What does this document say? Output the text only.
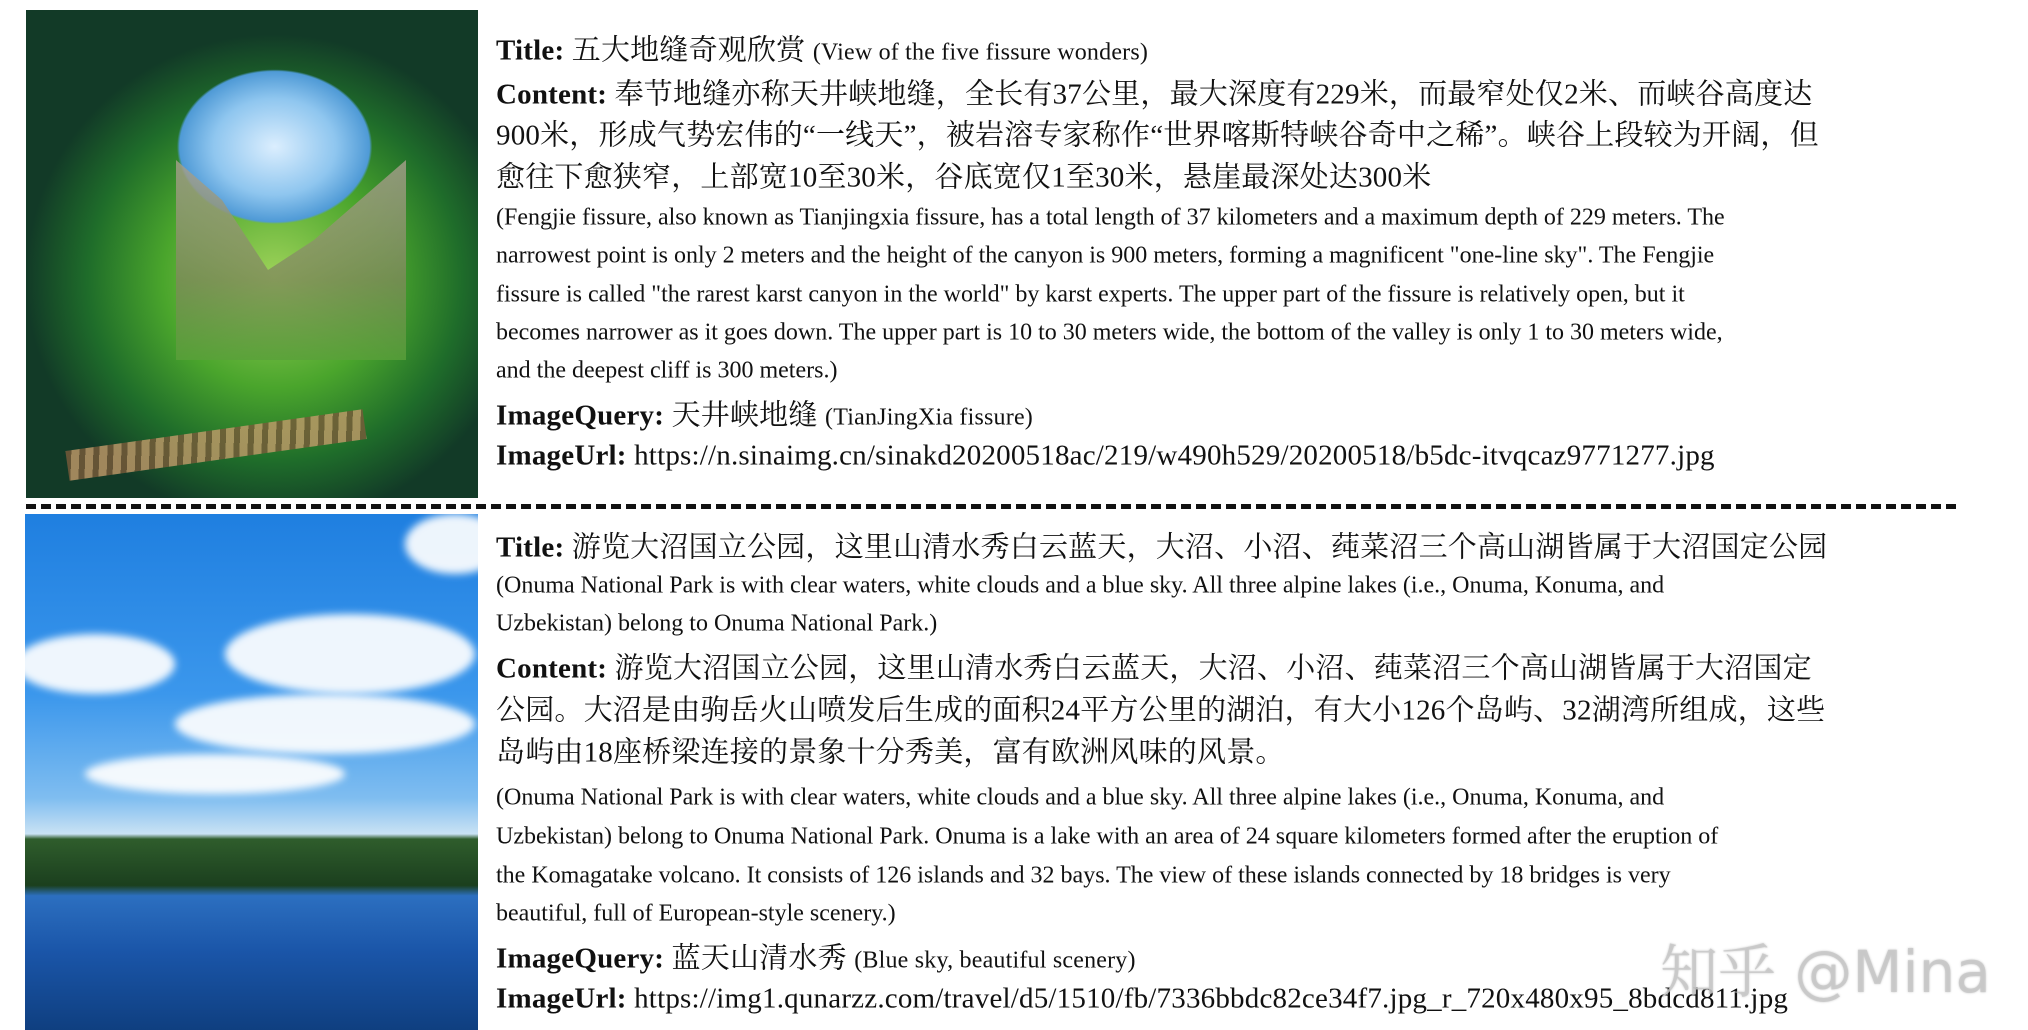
Title: 五大地缝奇观欣赏 (View of the five fissure wonders)
Content: 奉节地缝亦称天井峡地缝，全长有37公里，最大深度有229米，而最窄处仅2米、而峡谷高度达
900米，形成气势宏伟的“一线天”，被岩溶专家称作“世界喀斯特峡谷奇中之稀”。峡谷上段较为开阔，但
愈往下愈狭窄，上部宽10至30米，谷底宽仅1至30米，悬崖最深处达300米
(Fengjie fissure, also known as Tianjingxia fissure, has a total length of 37 kilometers and a maximum depth of 229 meters. The
narrowest point is only 2 meters and the height of the canyon is 900 meters, forming a magnificent "one-line sky". The Fengjie
fissure is called "the rarest karst canyon in the world" by karst experts. The upper part of the fissure is relatively open, but it
becomes narrower as it goes down. The upper part is 10 to 30 meters wide, the bottom of the valley is only 1 to 30 meters wide,
and the deepest cliff is 300 meters.)
ImageQuery: 天井峡地缝 (TianJingXia fissure)
ImageUrl: https://n.sinaimg.cn/sinakd20200518ac/219/w490h529/20200518/b5dc-itvqcaz9771277.jpg
Title: 游览大沼国立公园，这里山清水秀白云蓝天，大沼、小沼、莼菜沼三个高山湖皆属于大沼国定公园
(Onuma National Park is with clear waters, white clouds and a blue sky. All three alpine lakes (i.e., Onuma, Konuma, and
Uzbekistan) belong to Onuma National Park.)
Content: 游览大沼国立公园，这里山清水秀白云蓝天，大沼、小沼、莼菜沼三个高山湖皆属于大沼国定
公园。大沼是由驹岳火山喷发后生成的面积24平方公里的湖泊，有大小126个岛屿、32湖湾所组成，这些
岛屿由18座桥梁连接的景象十分秀美，富有欧洲风味的风景。
(Onuma National Park is with clear waters, white clouds and a blue sky. All three alpine lakes (i.e., Onuma, Konuma, and
Uzbekistan) belong to Onuma National Park. Onuma is a lake with an area of 24 square kilometers formed after the eruption of
the Komagatake volcano. It consists of 126 islands and 32 bays. The view of these islands connected by 18 bridges is very
beautiful, full of European-style scenery.)
ImageQuery: 蓝天山清水秀 (Blue sky, beautiful scenery)
ImageUrl: https://img1.qunarzz.com/travel/d5/1510/fb/7336bbdc82ce34f7.jpg_r_720x480x95_8bdcd811.jpg
知乎 @Mina
